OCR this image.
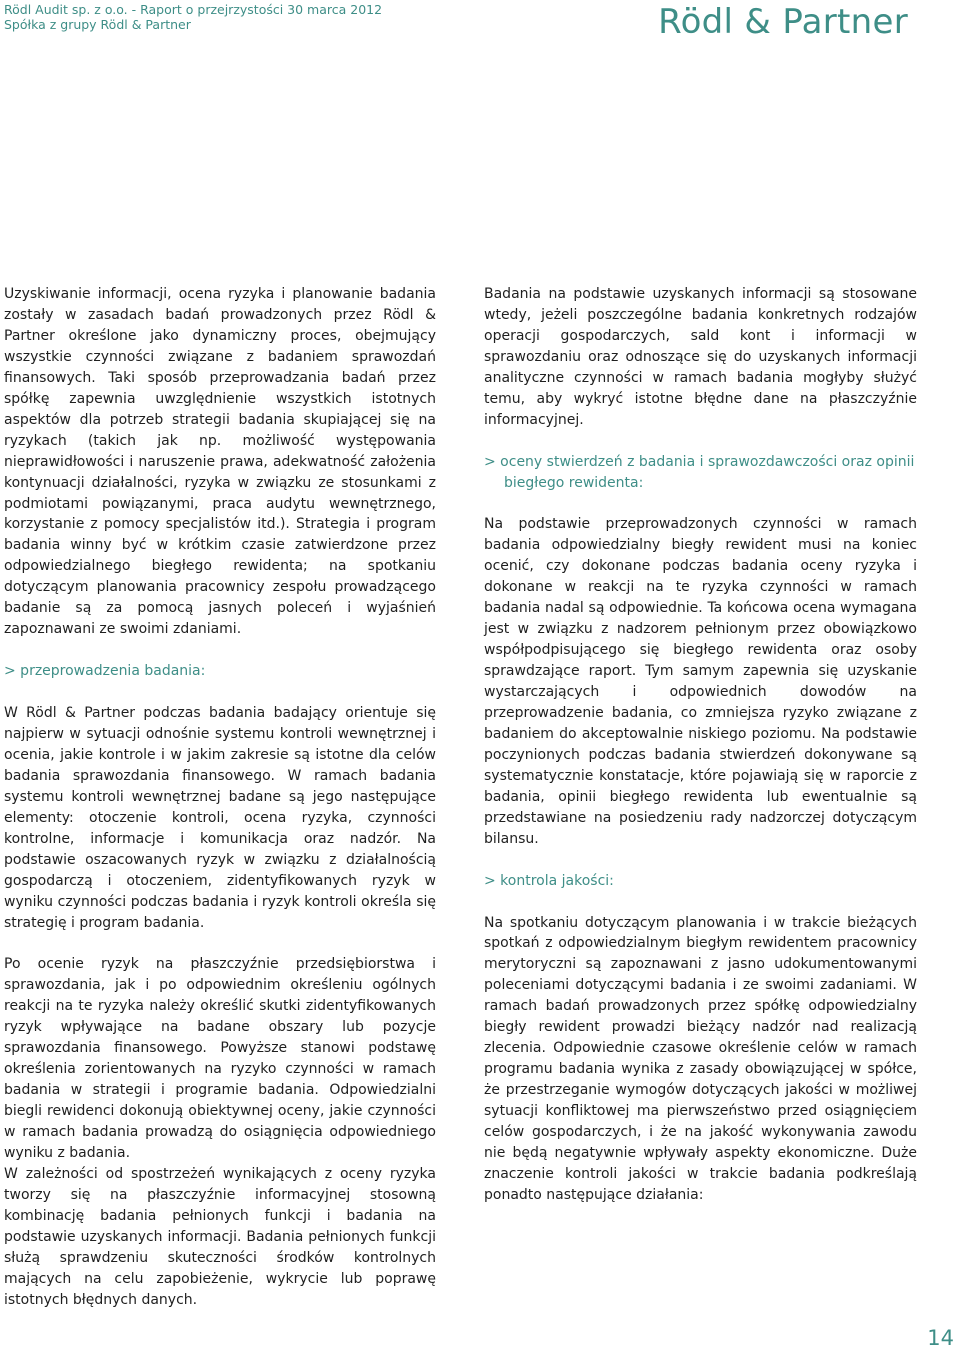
Rödl Audit sp. z o.o. - Raport o przejrzystości 30 marca 2012
Spółka z grupy Rödl & Partner	Rödl & Partner

Uzyskiwanie informacji, ocena ryzyka i planowanie badania zostały w zasadach badań prowadzonych przez Rödl & Partner określone jako dynamiczny proces, obejmujący wszystkie czynności związane z badaniem sprawozdań finansowych. Taki sposób przeprowadzania badań przez spółkę zapewnia uwzględnienie wszystkich istotnych aspektów dla potrzeb strategii badania skupiającej się na ryzykach (takich jak np. możliwość występowania nieprawidłowości i naruszenie prawa, adekwatność założenia kontynuacji działalności, ryzyka w związku ze stosunkami z podmiotami powiązanymi, praca audytu wewnętrznego, korzystanie z pomocy specjalistów itd.). Strategia i program badania winny być w krótkim czasie zatwierdzone przez odpowiedzialnego biegłego rewidenta; na spotkaniu dotyczącym planowania pracownicy zespołu prowadzącego badanie są za pomocą jasnych poleceń i wyjaśnień zapoznawani ze swoimi zdaniami.

> przeprowadzenia badania:

W Rödl & Partner podczas badania badający orientuje się najpierw w sytuacji odnośnie systemu kontroli wewnętrznej i ocenia, jakie kontrole i w jakim zakresie są istotne dla celów badania sprawozdania finansowego. W ramach badania systemu kontroli wewnętrznej badane są jego następujące elementy: otoczenie kontroli, ocena ryzyka, czynności kontrolne, informacje i komunikacja oraz nadzór. Na podstawie oszacowanych ryzyk w związku z działalnością gospodarczą i otoczeniem, zidentyfikowanych ryzyk w wyniku czynności podczas badania i ryzyk kontroli określa się strategię i program badania.

Po ocenie ryzyk na płaszczyźnie przedsiębiorstwa i sprawozdania, jak i po odpowiednim określeniu ogólnych reakcji na te ryzyka należy określić skutki zidentyfikowanych ryzyk wpływające na badane obszary lub pozycje sprawozdania finansowego. Powyższe stanowi podstawę określenia zorientowanych na ryzyko czynności w ramach badania w strategii i programie badania. Odpowiedzialni biegli rewidenci dokonują obiektywnej oceny, jakie czynności w ramach badania prowadzą do osiągnięcia odpowiedniego wyniku z badania.

W zależności od spostrzeżeń wynikających z oceny ryzyka tworzy się na płaszczyźnie informacyjnej stosowną kombinację badania pełnionych funkcji i badania na podstawie uzyskanych informacji. Badania pełnionych funkcji służą sprawdzeniu skuteczności środków kontrolnych mających na celu zapobieżenie, wykrycie lub poprawę istotnych błędnych danych.

Badania na podstawie uzyskanych informacji są stosowane wtedy, jeżeli poszczególne badania konkretnych rodzajów operacji gospodarczych, sald kont i informacji w sprawozdaniu oraz odnoszące się do uzyskanych informacji analityczne czynności w ramach badania mogłyby służyć temu, aby wykryć istotne błędne dane na płaszczyźnie informacyjnej.

> oceny stwierdzeń z badania i sprawozdawczości oraz opinii biegłego rewidenta:

Na podstawie przeprowadzonych czynności w ramach badania odpowiedzialny biegły rewident musi na koniec ocenić, czy dokonane podczas badania oceny ryzyka i dokonane w reakcji na te ryzyka czynności w ramach badania nadal są odpowiednie. Ta końcowa ocena wymagana jest w związku z nadzorem pełnionym przez obowiązkowo współpodpisującego się biegłego rewidenta oraz osoby sprawdzające raport. Tym samym zapewnia się uzyskanie wystarczających i odpowiednich dowodów na przeprowadzenie badania, co zmniejsza ryzyko związane z badaniem do akceptowalnie niskiego poziomu. Na podstawie poczynionych podczas badania stwierdzeń dokonywane są systematycznie konstatacje, które pojawiają się w raporcie z badania, opinii biegłego rewidenta lub ewentualnie są przedstawiane na posiedzeniu rady nadzorczej dotyczącym bilansu.

> kontrola jakości:

Na spotkaniu dotyczącym planowania i w trakcie bieżących spotkań z odpowiedzialnym biegłym rewidentem pracownicy merytoryczni są zapoznawani z jasno udokumentowanymi poleceniami dotyczącymi badania i ze swoimi zadaniami. W ramach badań prowadzonych przez spółkę odpowiedzialny biegły rewident prowadzi bieżący nadzór nad realizacją zlecenia. Odpowiednie czasowe określenie celów w ramach programu badania wynika z zasady obowiązującej w spółce, że przestrzeganie wymogów dotyczących jakości w możliwej sytuacji konfliktowej ma pierwszeństwo przed osiągnięciem celów gospodarczych, i że na jakość wykonywania zawodu nie będą negatywnie wpływały aspekty ekonomiczne. Duże znaczenie kontroli jakości w trakcie badania podkreślają ponadto następujące działania:

14
